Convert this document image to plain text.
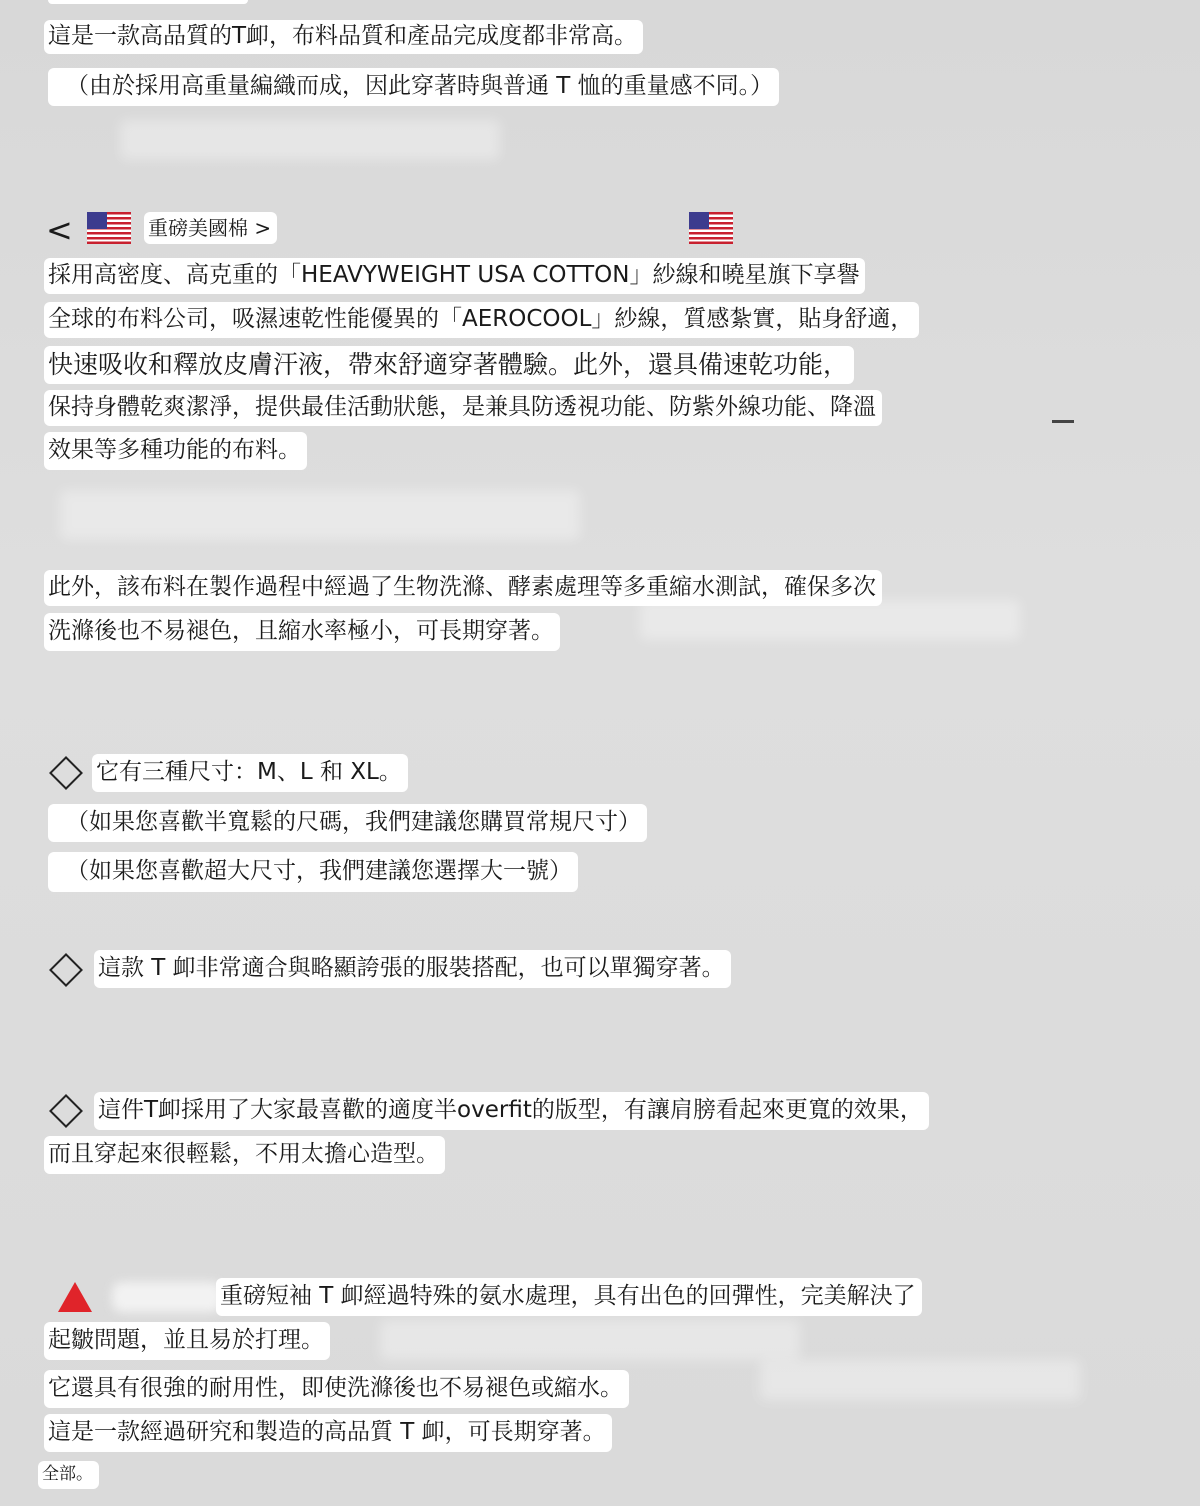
這是一款高品質的T卹，布料品質和產品完成度都非常高。
（由於採用高重量編織而成，因此穿著時與普通 T 恤的重量感不同。）
<	重磅美國棉 >
採用高密度、高克重的「HEAVYWEIGHT USA COTTON」紗線和曉星旗下享譽
全球的布料公司，吸濕速乾性能優異的「AEROCOOL」紗線，質感紮實，貼身舒適，
快速吸收和釋放皮膚汗液，帶來舒適穿著體驗。此外，還具備速乾功能，
保持身體乾爽潔淨，提供最佳活動狀態，是兼具防透視功能、防紫外線功能、降溫
效果等多種功能的布料。
此外，該布料在製作過程中經過了生物洗滌、酵素處理等多重縮水測試，確保多次
洗滌後也不易褪色，且縮水率極小，可長期穿著。
它有三種尺寸：M、L 和 XL。
（如果您喜歡半寬鬆的尺碼，我們建議您購買常規尺寸）
（如果您喜歡超大尺寸，我們建議您選擇大一號）
這款 T 卹非常適合與略顯誇張的服裝搭配，也可以單獨穿著。
這件T卹採用了大家最喜歡的適度半overfit的版型，有讓肩膀看起來更寬的效果，
而且穿起來很輕鬆，不用太擔心造型。
重磅短袖 T 卹經過特殊的氨水處理，具有出色的回彈性，完美解決了
起皺問題，並且易於打理。
它還具有很強的耐用性，即使洗滌後也不易褪色或縮水。
這是一款經過研究和製造的高品質 T 卹，可長期穿著。
全部。
